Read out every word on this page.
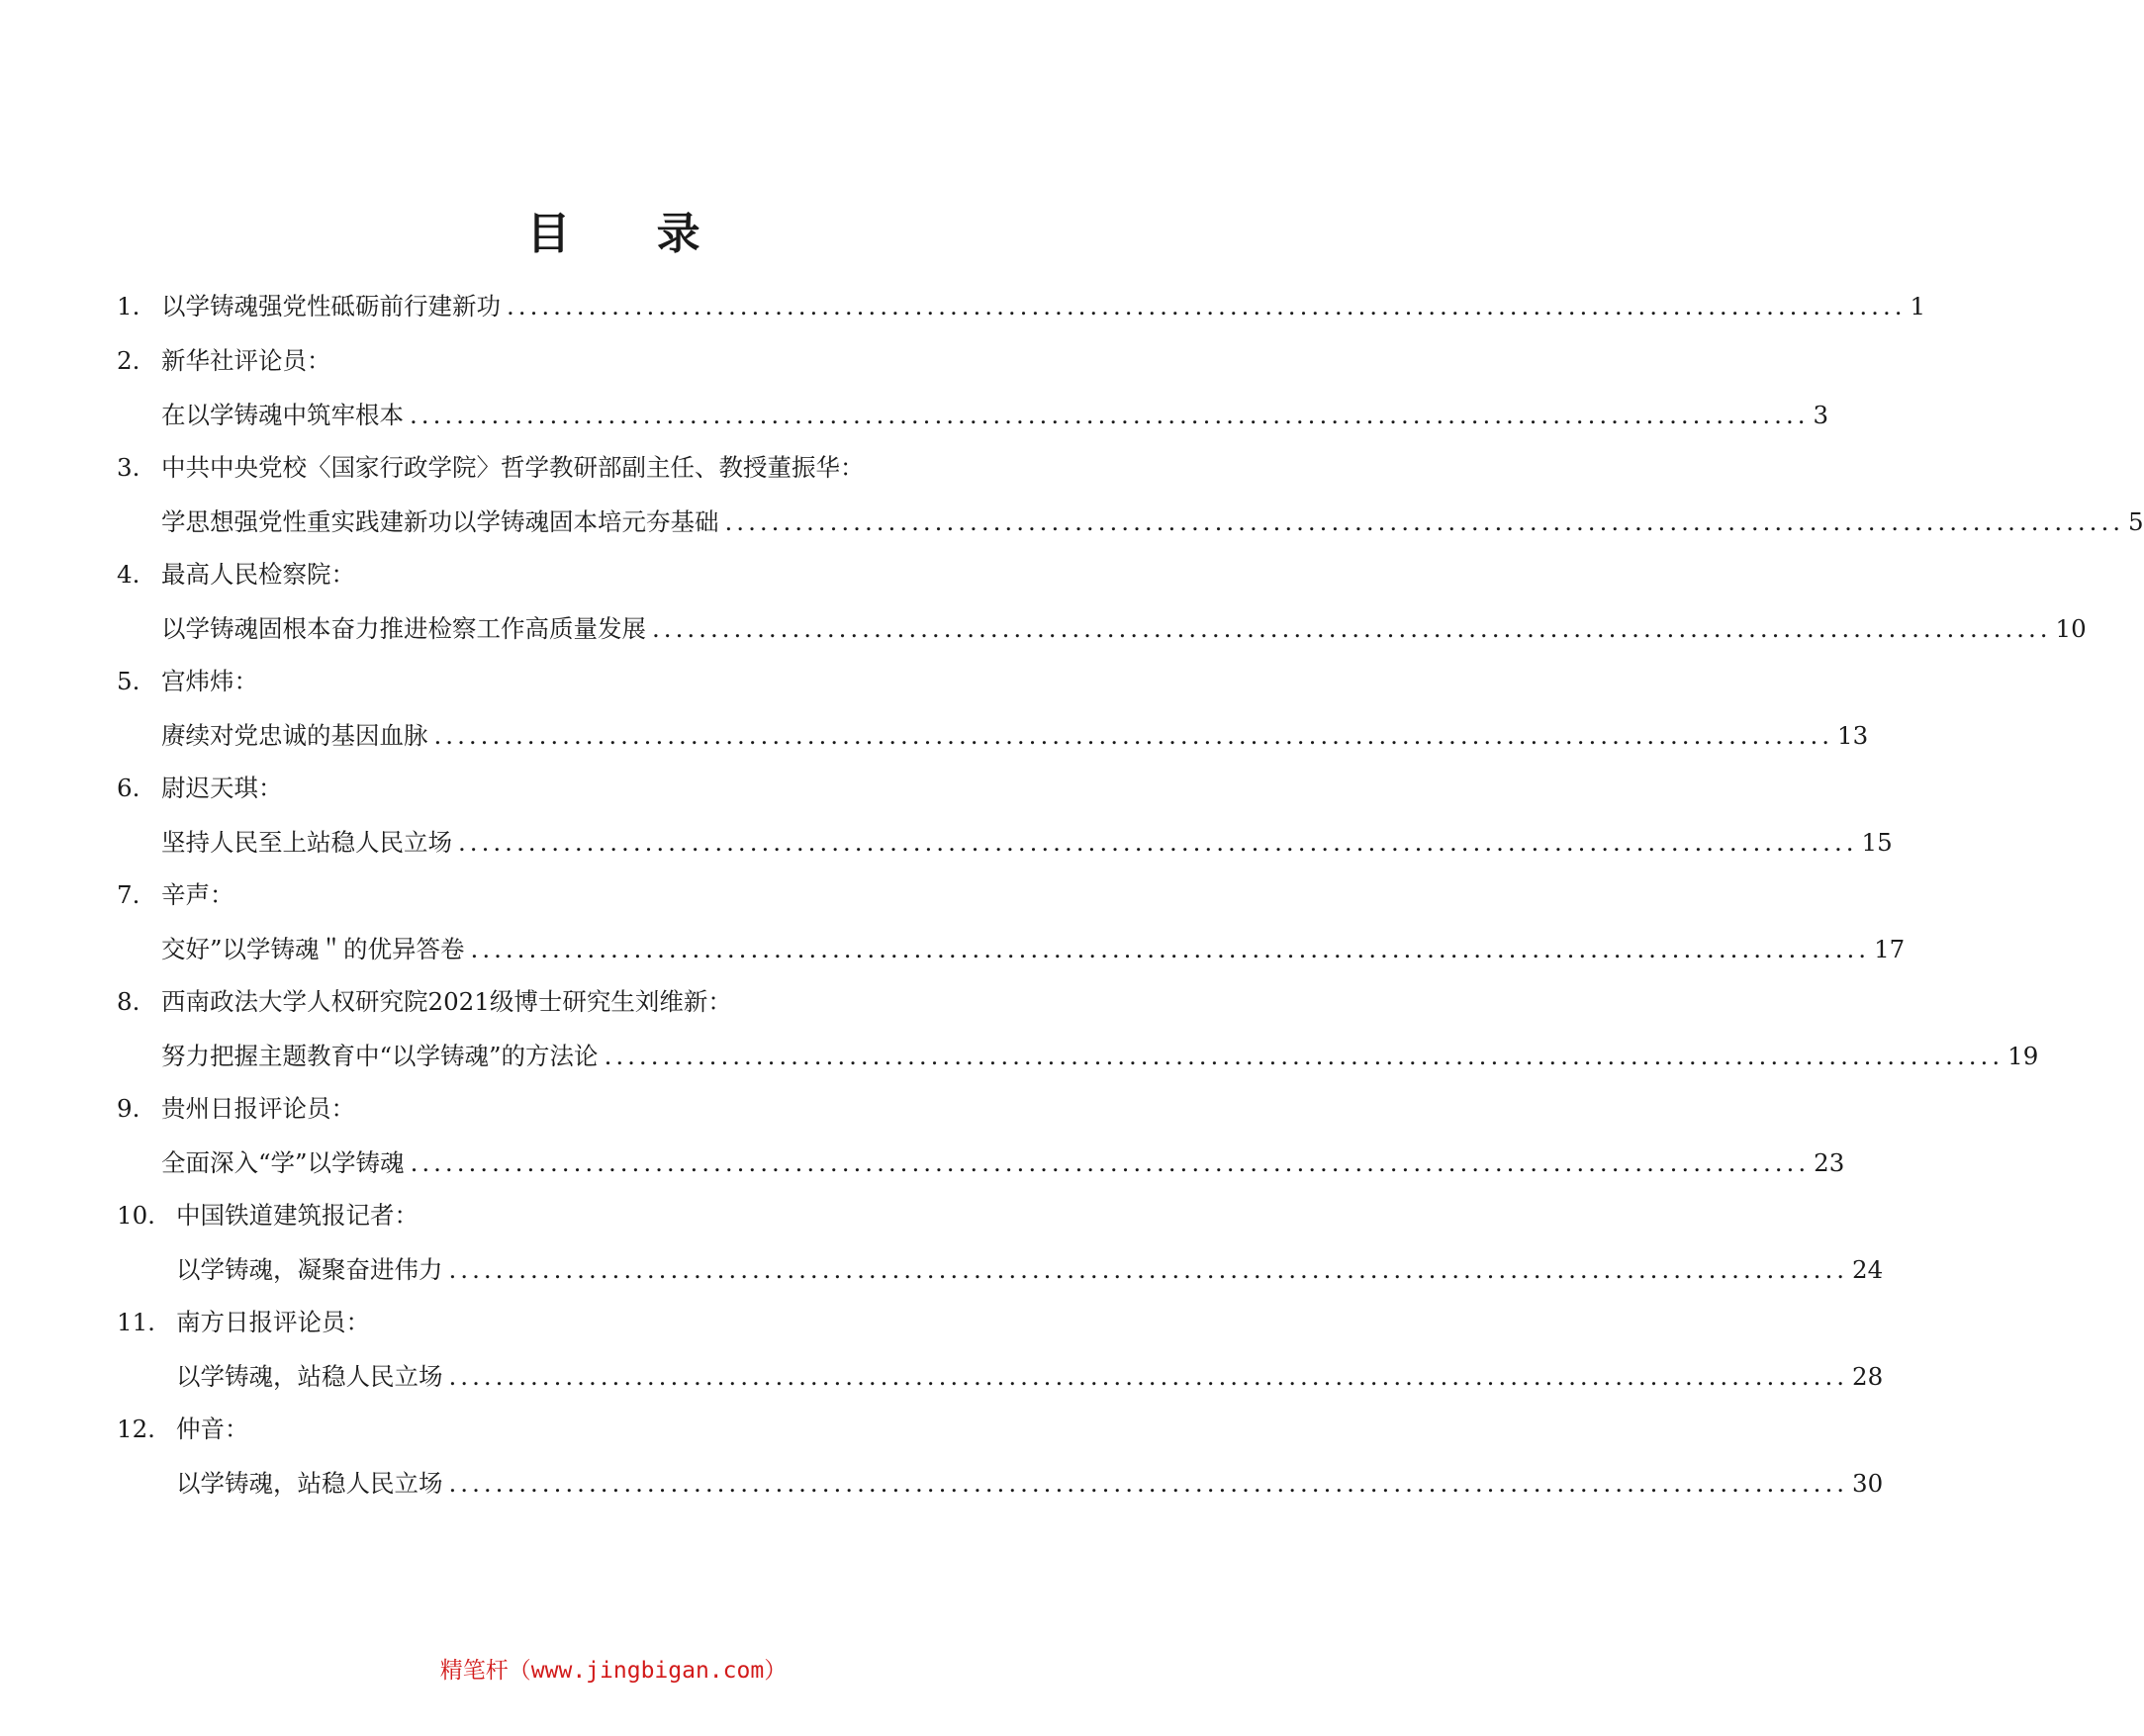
目 录
1. 以学铸魂强党性砥砺前行建新功 ........................................................................................................................ 1
2. 新华社评论员：
在以学铸魂中筑牢根本 ........................................................................................................................ 3
3. 中共中央党校〈国家行政学院〉哲学教研部副主任、教授董振华：
学思想强党性重实践建新功以学铸魂固本培元夯基础 ........................................................................................................................ 5
4. 最高人民检察院：
以学铸魂固根本奋力推进检察工作高质量发展 ........................................................................................................................ 10
5. 宫炜炜：
赓续对党忠诚的基因血脉 ........................................................................................................................ 13
6. 尉迟天琪：
坚持人民至上站稳人民立场 ........................................................................................................................ 15
7. 辛声：
交好”以学铸魂＂的优异答卷 ........................................................................................................................ 17
8. 西南政法大学人权研究院2021级博士研究生刘维新：
努力把握主题教育中“以学铸魂”的方法论 ........................................................................................................................ 19
9. 贵州日报评论员：
全面深入“学”以学铸魂 ........................................................................................................................ 23
10. 中国铁道建筑报记者：
以学铸魂，凝聚奋进伟力 ........................................................................................................................ 24
11. 南方日报评论员：
以学铸魂，站稳人民立场 ........................................................................................................................ 28
12. 仲音：
以学铸魂，站稳人民立场 ........................................................................................................................ 30
精笔杆（www.jingbigan.com）
